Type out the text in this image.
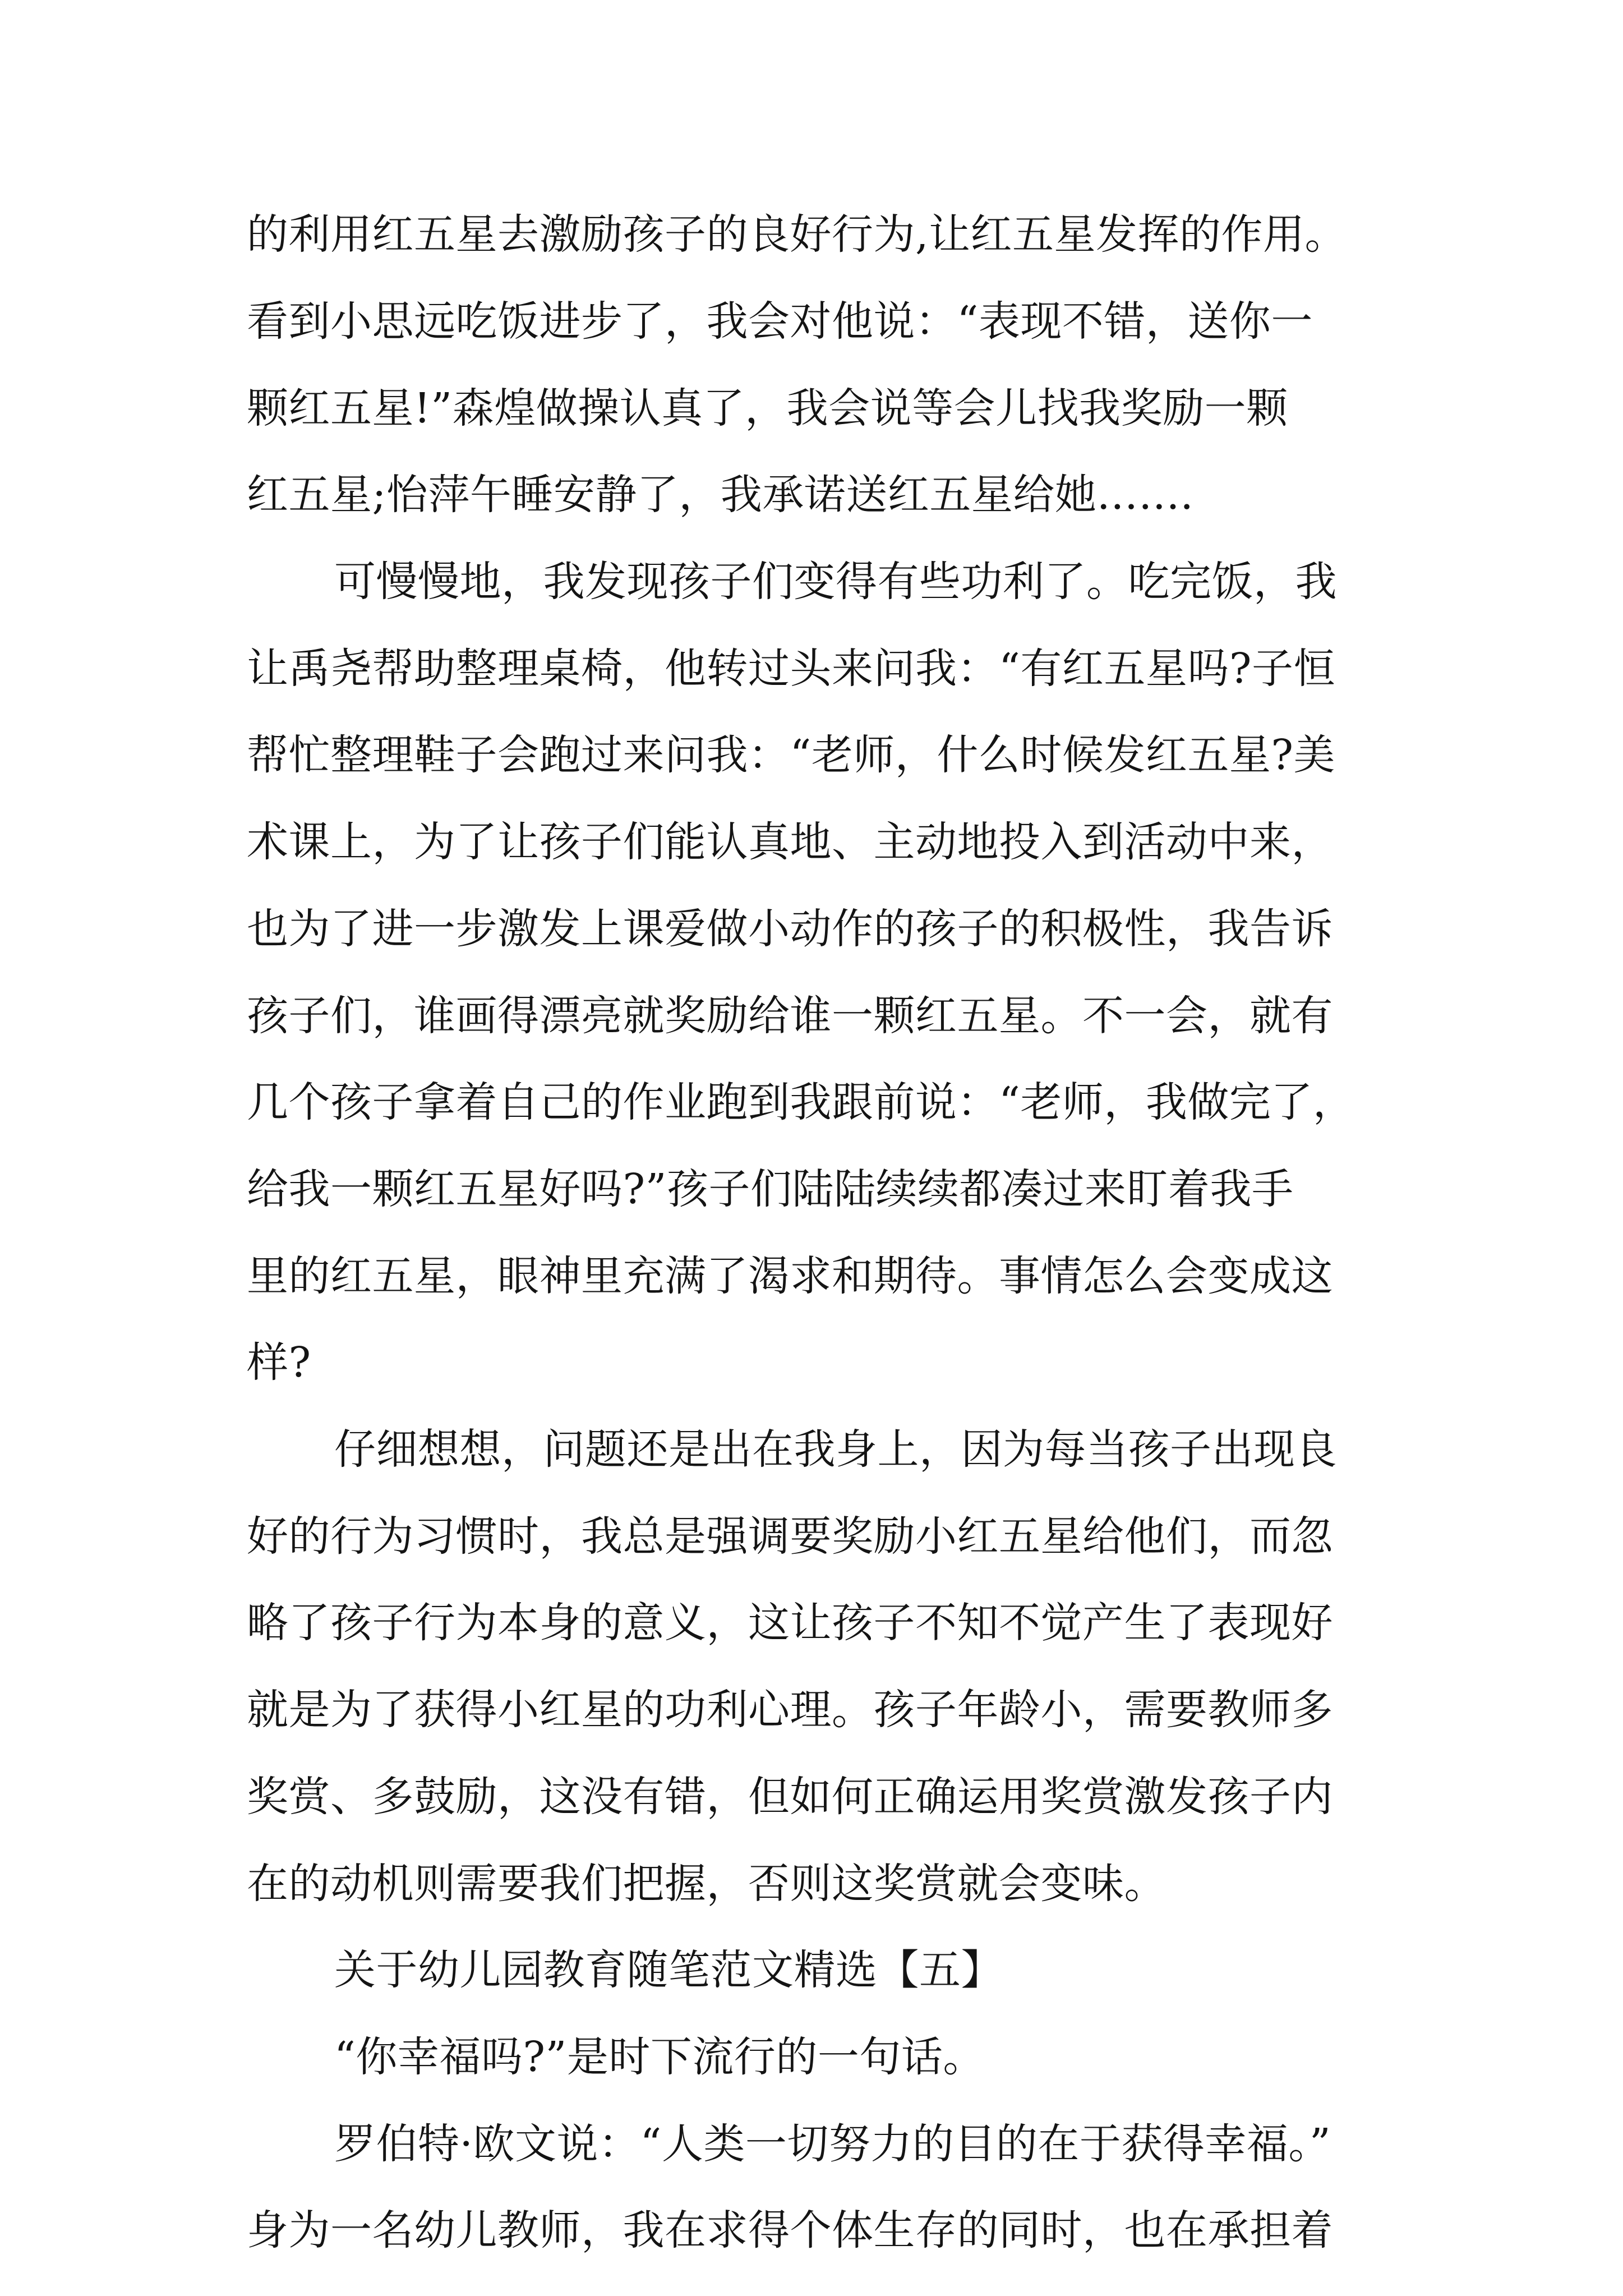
的利用红五星去激励孩子的良好行为,让红五星发挥的作用。
看到小思远吃饭进步了，我会对他说：“表现不错，送你一
颗红五星!”森煌做操认真了，我会说等会儿找我奖励一颗
红五星;怡萍午睡安静了，我承诺送红五星给她…….
可慢慢地，我发现孩子们变得有些功利了。吃完饭，我
让禹尧帮助整理桌椅，他转过头来问我：“有红五星吗?子恒
帮忙整理鞋子会跑过来问我：“老师，什么时候发红五星?美
术课上，为了让孩子们能认真地、主动地投入到活动中来，
也为了进一步激发上课爱做小动作的孩子的积极性，我告诉
孩子们，谁画得漂亮就奖励给谁一颗红五星。不一会，就有
几个孩子拿着自己的作业跑到我跟前说：“老师，我做完了，
给我一颗红五星好吗?”孩子们陆陆续续都凑过来盯着我手
里的红五星，眼神里充满了渴求和期待。事情怎么会变成这
样?
仔细想想，问题还是出在我身上，因为每当孩子出现良
好的行为习惯时，我总是强调要奖励小红五星给他们，而忽
略了孩子行为本身的意义，这让孩子不知不觉产生了表现好
就是为了获得小红星的功利心理。孩子年龄小，需要教师多
奖赏、多鼓励，这没有错，但如何正确运用奖赏激发孩子内
在的动机则需要我们把握，否则这奖赏就会变味。
关于幼儿园教育随笔范文精选【五】
“你幸福吗?”是时下流行的一句话。
罗伯特·欧文说：“人类一切努力的目的在于获得幸福。”
身为一名幼儿教师，我在求得个体生存的同时，也在承担着
